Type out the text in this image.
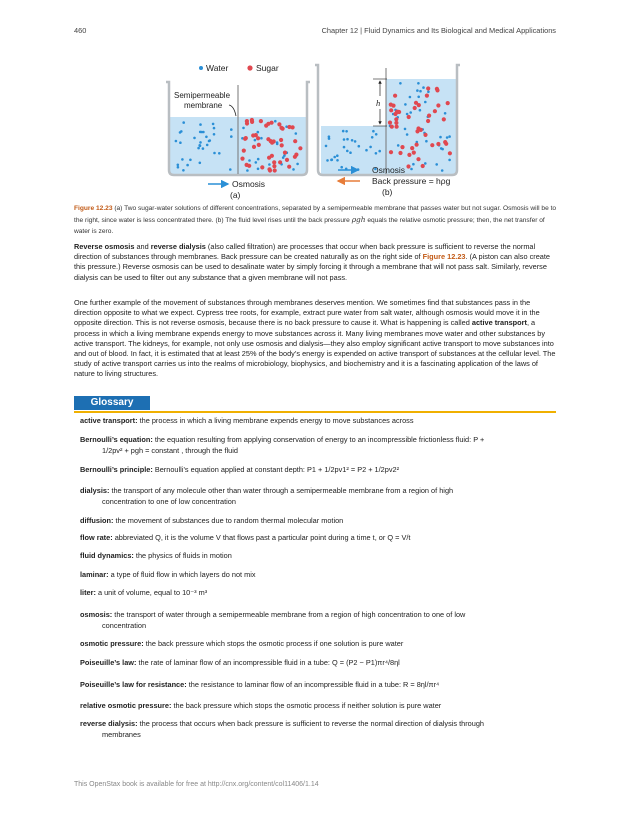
460	Chapter 12 | Fluid Dynamics and Its Biological and Medical Applications
Water	Sugar
Semipermeable
membrane
Osmosis
(a)
h
Osmosis
Back pressure = hρg
(b)
Figure 12.23 (a) Two sugar-water solutions of different concentrations, separated by a semipermeable membrane that passes water but not sugar. Osmosis will be to the right, since water is less concentrated there. (b) The fluid level rises until the back pressure ρgh equals the relative osmotic pressure; then, the net transfer of water is zero.
Reverse osmosis and reverse dialysis (also called filtration) are processes that occur when back pressure is sufficient to reverse the normal direction of substances through membranes. Back pressure can be created naturally as on the right side of Figure 12.23. (A piston can also create this pressure.) Reverse osmosis can be used to desalinate water by simply forcing it through a membrane that will not pass salt. Similarly, reverse dialysis can be used to filter out any substance that a given membrane will not pass.
One further example of the movement of substances through membranes deserves mention. We sometimes find that substances pass in the direction opposite to what we expect. Cypress tree roots, for example, extract pure water from salt water, although osmosis would move it in the opposite direction. This is not reverse osmosis, because there is no back pressure to cause it. What is happening is called active transport, a process in which a living membrane expends energy to move substances across it. Many living membranes move water and other substances by active transport. The kidneys, for example, not only use osmosis and dialysis—they also employ significant active transport to move substances into and out of blood. In fact, it is estimated that at least 25% of the body’s energy is expended on active transport of substances at the cellular level. The study of active transport carries us into the realms of microbiology, biophysics, and biochemistry and it is a fascinating application of the laws of nature to living structures.
Glossary
active transport: the process in which a living membrane expends energy to move substances across
Bernoulli’s equation: the equation resulting from applying conservation of energy to an incompressible frictionless fluid: P +
1/2pv² + pgh = constant , through the fluid
Bernoulli’s principle: Bernoulli’s equation applied at constant depth: P1 + 1/2pv1² = P2 + 1/2pv2²
dialysis: the transport of any molecule other than water through a semipermeable membrane from a region of high
concentration to one of low concentration
diffusion: the movement of substances due to random thermal molecular motion
flow rate: abbreviated Q, it is the volume V that flows past a particular point during a time t, or Q = V/t
fluid dynamics: the physics of fluids in motion
laminar: a type of fluid flow in which layers do not mix
liter: a unit of volume, equal to 10⁻³ m³
osmosis: the transport of water through a semipermeable membrane from a region of high concentration to one of low
concentration
osmotic pressure: the back pressure which stops the osmotic process if one solution is pure water
Poiseuille’s law: the rate of laminar flow of an incompressible fluid in a tube: Q = (P2 − P1)πr⁴/8ηl
Poiseuille’s law for resistance: the resistance to laminar flow of an incompressible fluid in a tube: R = 8ηl/πr⁴
relative osmotic pressure: the back pressure which stops the osmotic process if neither solution is pure water
reverse dialysis: the process that occurs when back pressure is sufficient to reverse the normal direction of dialysis through
membranes
This OpenStax book is available for free at http://cnx.org/content/col11406/1.14
